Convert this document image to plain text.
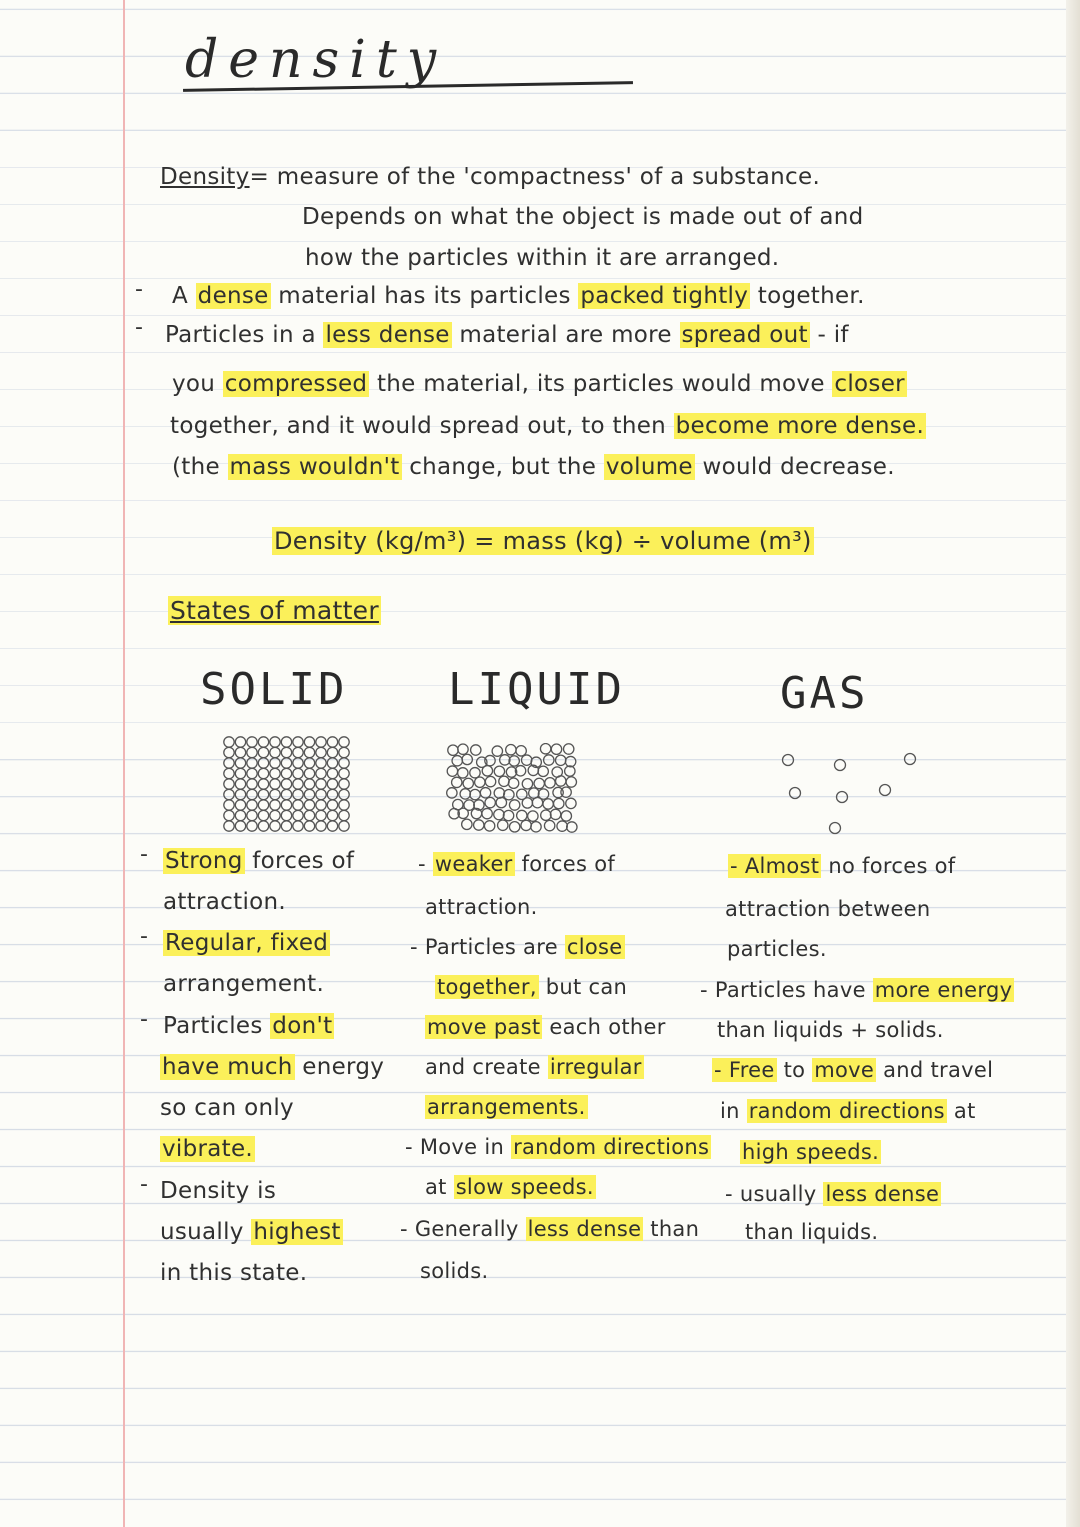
density
Density= measure of the 'compactness' of a substance.
Depends on what the object is made out of and
how the particles within it are arranged.
- A dense material has its particles packed tightly together.
- Particles in a less dense material are more spread out - if
you compressed the material, its particles would move closer
together, and it would spread out, to then become more dense.
(the mass wouldn't change, but the volume would decrease.
Density (kg/m³) = mass (kg) ÷ volume (m³)
States of matter
SOLID LIQUID	GAS
- Strong forces of
attraction.
- Regular, fixed
arrangement.
- Particles don't
have much energy
so can only
vibrate.
- Density is
usually highest
in this state.
- weaker forces of
attraction.
- Particles are close
together, but can
move past each other
and create irregular
arrangements.
- Move in random directions
at slow speeds.
- Generally less dense than
solids.
- Almost no forces of
attraction between
particles.
- Particles have more energy
than liquids + solids.
- Free to move and travel
in random directions at
high speeds.
- usually less dense
than liquids.
